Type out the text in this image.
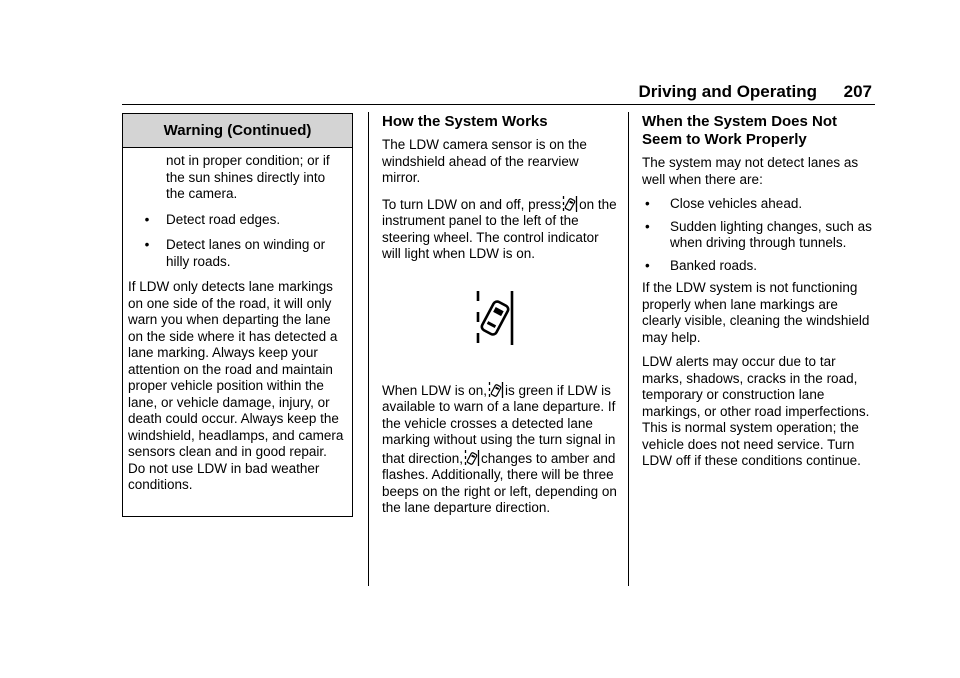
Driving and Operating 207
Warning (Continued)
not in proper condition; or if the sun shines directly into the camera.
•	Detect road edges.
•	Detect lanes on winding or hilly roads.

If LDW only detects lane markings on one side of the road, it will only warn you when departing the lane on the side where it has detected a lane marking. Always keep your attention on the road and maintain proper vehicle position within the lane, or vehicle damage, injury, or death could occur. Always keep the windshield, headlamps, and camera sensors clean and in good repair. Do not use LDW in bad weather conditions.

How the System Works

The LDW camera sensor is on the windshield ahead of the rearview mirror.

To turn LDW on and off, press on the instrument panel to the left of the steering wheel. The control indicator will light when LDW is on.

When LDW is on, is green if LDW is available to warn of a lane departure. If the vehicle crosses a detected lane marking without using the turn signal in that direction, changes to amber and flashes. Additionally, there will be three beeps on the right or left, depending on the lane departure direction.

When the System Does Not Seem to Work Properly

The system may not detect lanes as well when there are:

•	Close vehicles ahead.
•	Sudden lighting changes, such as when driving through tunnels.
•	Banked roads.

If the LDW system is not functioning properly when lane markings are clearly visible, cleaning the windshield may help.

LDW alerts may occur due to tar marks, shadows, cracks in the road, temporary or construction lane markings, or other road imperfections. This is normal system operation; the vehicle does not need service. Turn LDW off if these conditions continue.
